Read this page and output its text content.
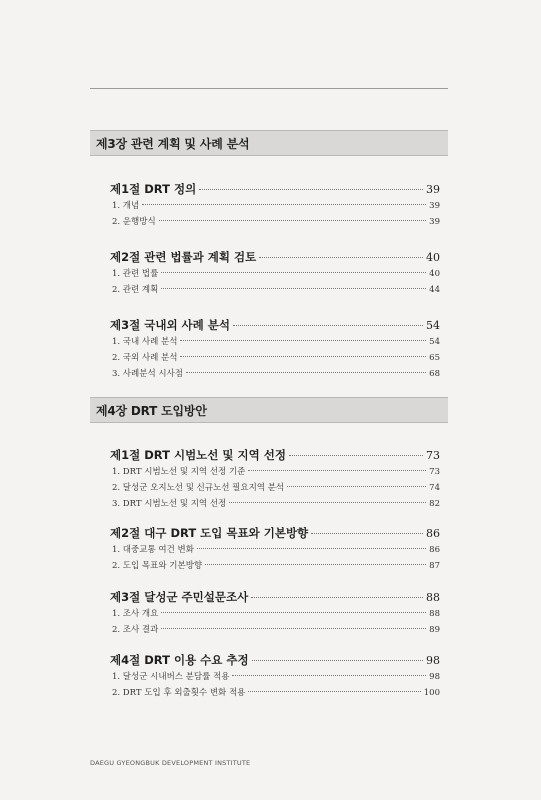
제3장 관련 계획 및 사례 분석
제1절 DRT 정의	39
1. 개념	39
2. 운행방식	39
제2절 관련 법률과 계획 검토	40
1. 관련 법률	40
2. 관련 계획	44
제3절 국내외 사례 분석	54
1. 국내 사례 분석	54
2. 국외 사례 분석	65
3. 사례분석 시사점	68
제4장 DRT 도입방안
제1절 DRT 시범노선 및 지역 선정	73
1. DRT 시범노선 및 지역 선정 기준	73
2. 달성군 오지노선 및 신규노선 필요지역 분석	74
3. DRT 시범노선 및 지역 선정	82
제2절 대구 DRT 도입 목표와 기본방향	86
1. 대중교통 여건 변화	86
2. 도입 목표와 기본방향	87
제3절 달성군 주민설문조사	88
1. 조사 개요	88
2. 조사 결과	89
제4절 DRT 이용 수요 추정	98
1. 달성군 시내버스 분담률 적용	98
2. DRT 도입 후 외출횟수 변화 적용	100
DAEGU GYEONGBUK DEVELOPMENT INSTITUTE
